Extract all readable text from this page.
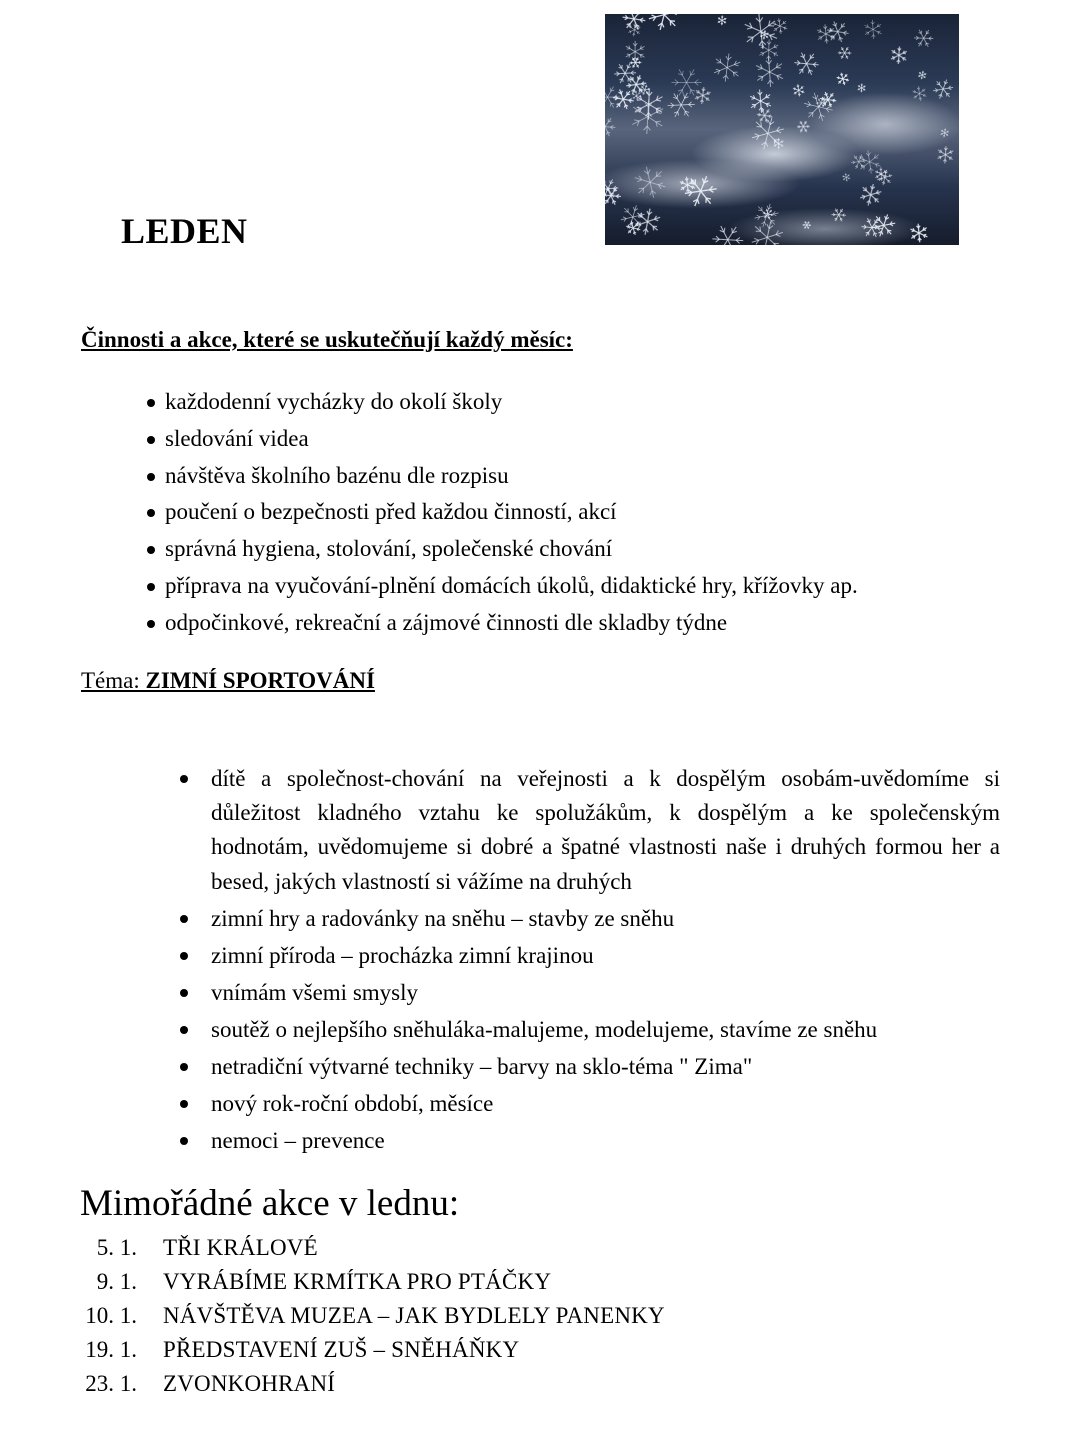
LEDEN
Činnosti a akce, které se uskutečňují každý měsíc:
každodenní vycházky do okolí školy
sledování videa
návštěva školního bazénu dle rozpisu
poučení o bezpečnosti před každou činností, akcí
správná hygiena, stolování, společenské chování
příprava na vyučování-plnění domácích úkolů, didaktické hry, křížovky ap.
odpočinkové, rekreační a zájmové činnosti dle skladby týdne

Téma: ZIMNÍ SPORTOVÁNÍ

dítě a společnost-chování na veřejnosti a k dospělým osobám-uvědomíme si důležitost kladného vztahu ke spolužákům, k dospělým a ke společenským hodnotám, uvědomujeme si dobré a špatné vlastnosti naše i druhých formou her a besed, jakých vlastností si vážíme na druhých
zimní hry a radovánky na sněhu – stavby ze sněhu
zimní příroda – procházka zimní krajinou
vnímám všemi smysly
soutěž o nejlepšího sněhuláka-malujeme, modelujeme, stavíme ze sněhu
netradiční výtvarné techniky – barvy na sklo-téma " Zima"
nový rok-roční období, měsíce
nemoci – prevence
Mimořádné akce v lednu:
5. 1. TŘI KRÁLOVÉ
9. 1. VYRÁBÍME KRMÍTKA PRO PTÁČKY
10. 1. NÁVŠTĚVA MUZEA – JAK BYDLELY PANENKY
19. 1. PŘEDSTAVENÍ ZUŠ – SNĚHÁŇKY
23. 1. ZVONKOHRANÍ
